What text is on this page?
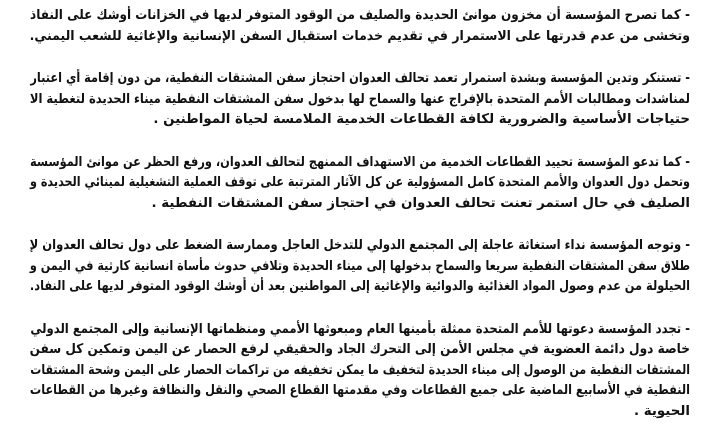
- كما تصرح المؤسسة أن مخزون موانئ الحديدة والصليف من الوقود المتوفر لديها في الخزانات أوشك على النفاذ
وتخشى من عدم قدرتها على الاستمرار في تقديم خدمات استقبال السفن الإنسانية والإغاثية للشعب اليمني.

- تستنكر وتدين المؤسسة وبشدة استمرار تعمد تحالف العدوان احتجاز سفن المشتقات النفطية، من دون إقامة أي اعتبار
لمناشدات ومطالبات الأمم المتحدة بالإفراج عنها والسماح لها بدخول سفن المشتقات النفطية ميناء الحديدة لتغطية الا
حتياجات الأساسية والضرورية لكافة القطاعات الخدمية الملامسة لحياة المواطنين .

- كما تدعو المؤسسة تحييد القطاعات الخدمية من الاستهداف الممنهج لتحالف العدوان، ورفع الحظر عن موانئ المؤسسة
وتحمل دول العدوان والأمم المتحدة كامل المسؤولية عن كل الآثار المترتبة على توقف العملية التشغيلية لمينائي الحديدة و
الصليف في حال استمر تعنت تحالف العدوان في احتجاز سفن المشتقات النفطية .

- وتوجه المؤسسة نداء استغاثة عاجلة إلى المجتمع الدولي للتدخل العاجل وممارسة الضغط على دول تحالف العدوان لإ
طلاق سفن المشتقات النفطية سريعا والسماح بدخولها إلى ميناء الحديدة وتلافي حدوث مأساة انسانية كارثية في اليمن و
الحيلولة من عدم وصول المواد الغذائية والدوائية والإغاثية إلى المواطنين بعد أن أوشك الوقود المتوفر لديها على النفاد.

- تجدد المؤسسة دعوتها للأمم المتحدة ممثلة بأمينها العام ومبعوثها الأممي ومنظماتها الإنسانية وإلى المجتمع الدولي
خاصة دول دائمة العضوية في مجلس الأمن إلى التحرك الجاد والحقيقي لرفع الحصار عن اليمن وتمكين كل سفن
المشتقات النفطية من الوصول إلى ميناء الحديدة لتخفيف ما يمكن تخفيفه من تراكمات الحصار على اليمن وشحة المشتقات
النفطية في الأسابيع الماضية على جميع القطاعات وفي مقدمتها القطاع الصحي والنقل والنظافة وغيرها من القطاعات
الحيوية .
